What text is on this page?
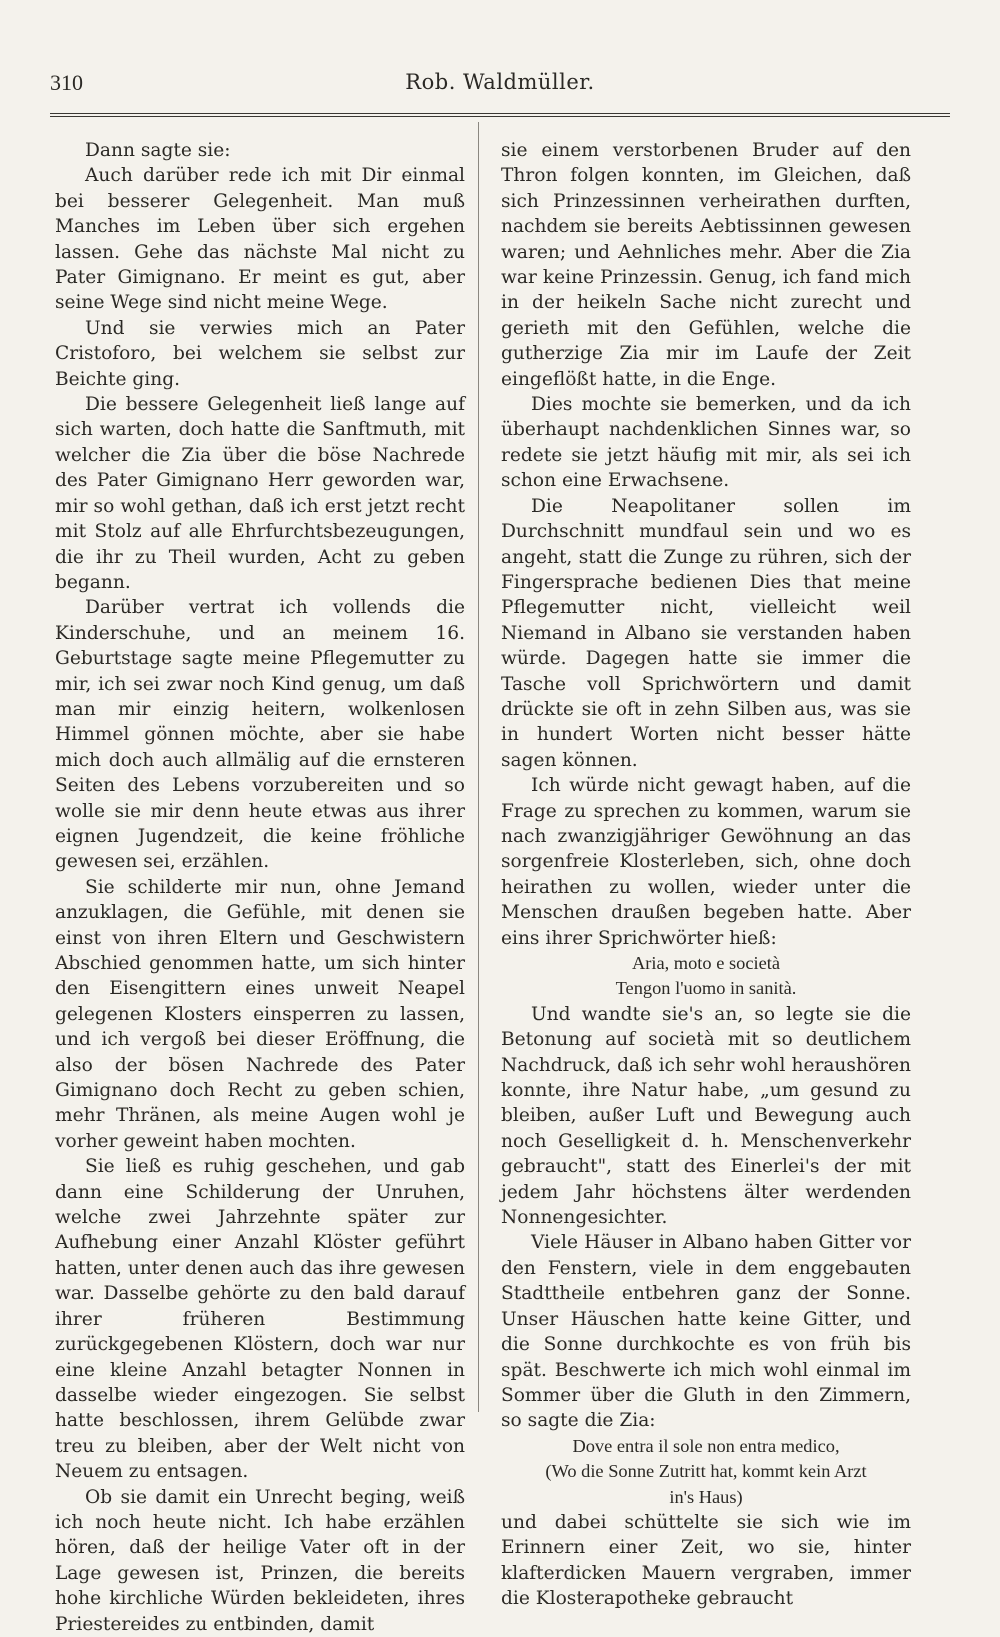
310	Rob. Waldmüller.

Dann sagte sie:

Auch darüber rede ich mit Dir einmal bei besserer Gelegenheit. Man muß Manches im Leben über sich ergehen lassen. Gehe das nächste Mal nicht zu Pater Gimignano. Er meint es gut, aber seine Wege sind nicht meine Wege.

Und sie verwies mich an Pater Cristoforo, bei welchem sie selbst zur Beichte ging.

Die bessere Gelegenheit ließ lange auf sich warten, doch hatte die Sanftmuth, mit welcher die Zia über die böse Nachrede des Pater Gimignano Herr geworden war, mir so wohl gethan, daß ich erst jetzt recht mit Stolz auf alle Ehrfurchtsbezeugungen, die ihr zu Theil wurden, Acht zu geben begann.

Darüber vertrat ich vollends die Kinderschuhe, und an meinem 16. Geburtstage sagte meine Pflegemutter zu mir, ich sei zwar noch Kind genug, um daß man mir einzig heitern, wolkenlosen Himmel gönnen möchte, aber sie habe mich doch auch allmälig auf die ernsteren Seiten des Lebens vorzubereiten und so wolle sie mir denn heute etwas aus ihrer eignen Jugendzeit, die keine fröhliche gewesen sei, erzählen.

Sie schilderte mir nun, ohne Jemand anzuklagen, die Gefühle, mit denen sie einst von ihren Eltern und Geschwistern Abschied genommen hatte, um sich hinter den Eisengittern eines unweit Neapel gelegenen Klosters einsperren zu lassen, und ich vergoß bei dieser Eröffnung, die also der bösen Nachrede des Pater Gimignano doch Recht zu geben schien, mehr Thränen, als meine Augen wohl je vorher geweint haben mochten.

Sie ließ es ruhig geschehen, und gab dann eine Schilderung der Unruhen, welche zwei Jahrzehnte später zur Aufhebung einer Anzahl Klöster geführt hatten, unter denen auch das ihre gewesen war. Dasselbe gehörte zu den bald darauf ihrer früheren Bestimmung zurückgegebenen Klöstern, doch war nur eine kleine Anzahl betagter Nonnen in dasselbe wieder eingezogen. Sie selbst hatte beschlossen, ihrem Gelübde zwar treu zu bleiben, aber der Welt nicht von Neuem zu entsagen.

Ob sie damit ein Unrecht beging, weiß ich noch heute nicht. Ich habe erzählen hören, daß der heilige Vater oft in der Lage gewesen ist, Prinzen, die bereits hohe kirchliche Würden bekleideten, ihres Priestereides zu entbinden, damit

sie einem verstorbenen Bruder auf den Thron folgen konnten, im Gleichen, daß sich Prinzessinnen verheirathen durften, nachdem sie bereits Aebtissinnen gewesen waren; und Aehnliches mehr. Aber die Zia war keine Prinzessin. Genug, ich fand mich in der heikeln Sache nicht zurecht und gerieth mit den Gefühlen, welche die gutherzige Zia mir im Laufe der Zeit eingeflößt hatte, in die Enge.

Dies mochte sie bemerken, und da ich überhaupt nachdenklichen Sinnes war, so redete sie jetzt häufig mit mir, als sei ich schon eine Erwachsene.

Die Neapolitaner sollen im Durchschnitt mundfaul sein und wo es angeht, statt die Zunge zu rühren, sich der Fingersprache bedienen Dies that meine Pflegemutter nicht, vielleicht weil Niemand in Albano sie verstanden haben würde. Dagegen hatte sie immer die Tasche voll Sprichwörtern und damit drückte sie oft in zehn Silben aus, was sie in hundert Worten nicht besser hätte sagen können.

Ich würde nicht gewagt haben, auf die Frage zu sprechen zu kommen, warum sie nach zwanzigjähriger Gewöhnung an das sorgenfreie Klosterleben, sich, ohne doch heirathen zu wollen, wieder unter die Menschen draußen begeben hatte. Aber eins ihrer Sprichwörter hieß:

Aria, moto e società

Tengon l'uomo in sanità.

Und wandte sie's an, so legte sie die Betonung auf società mit so deutlichem Nachdruck, daß ich sehr wohl heraushören konnte, ihre Natur habe, „um gesund zu bleiben, außer Luft und Bewegung auch noch Geselligkeit d. h. Menschenverkehr gebraucht", statt des Einerlei's der mit jedem Jahr höchstens älter werdenden Nonnengesichter.

Viele Häuser in Albano haben Gitter vor den Fenstern, viele in dem enggebauten Stadttheile entbehren ganz der Sonne. Unser Häuschen hatte keine Gitter, und die Sonne durchkochte es von früh bis spät. Beschwerte ich mich wohl einmal im Sommer über die Gluth in den Zimmern, so sagte die Zia:

Dove entra il sole non entra medico,

(Wo die Sonne Zutritt hat, kommt kein Arzt

in's Haus)

und dabei schüttelte sie sich wie im Erinnern einer Zeit, wo sie, hinter klafterdicken Mauern vergraben, immer die Klosterapotheke gebraucht
